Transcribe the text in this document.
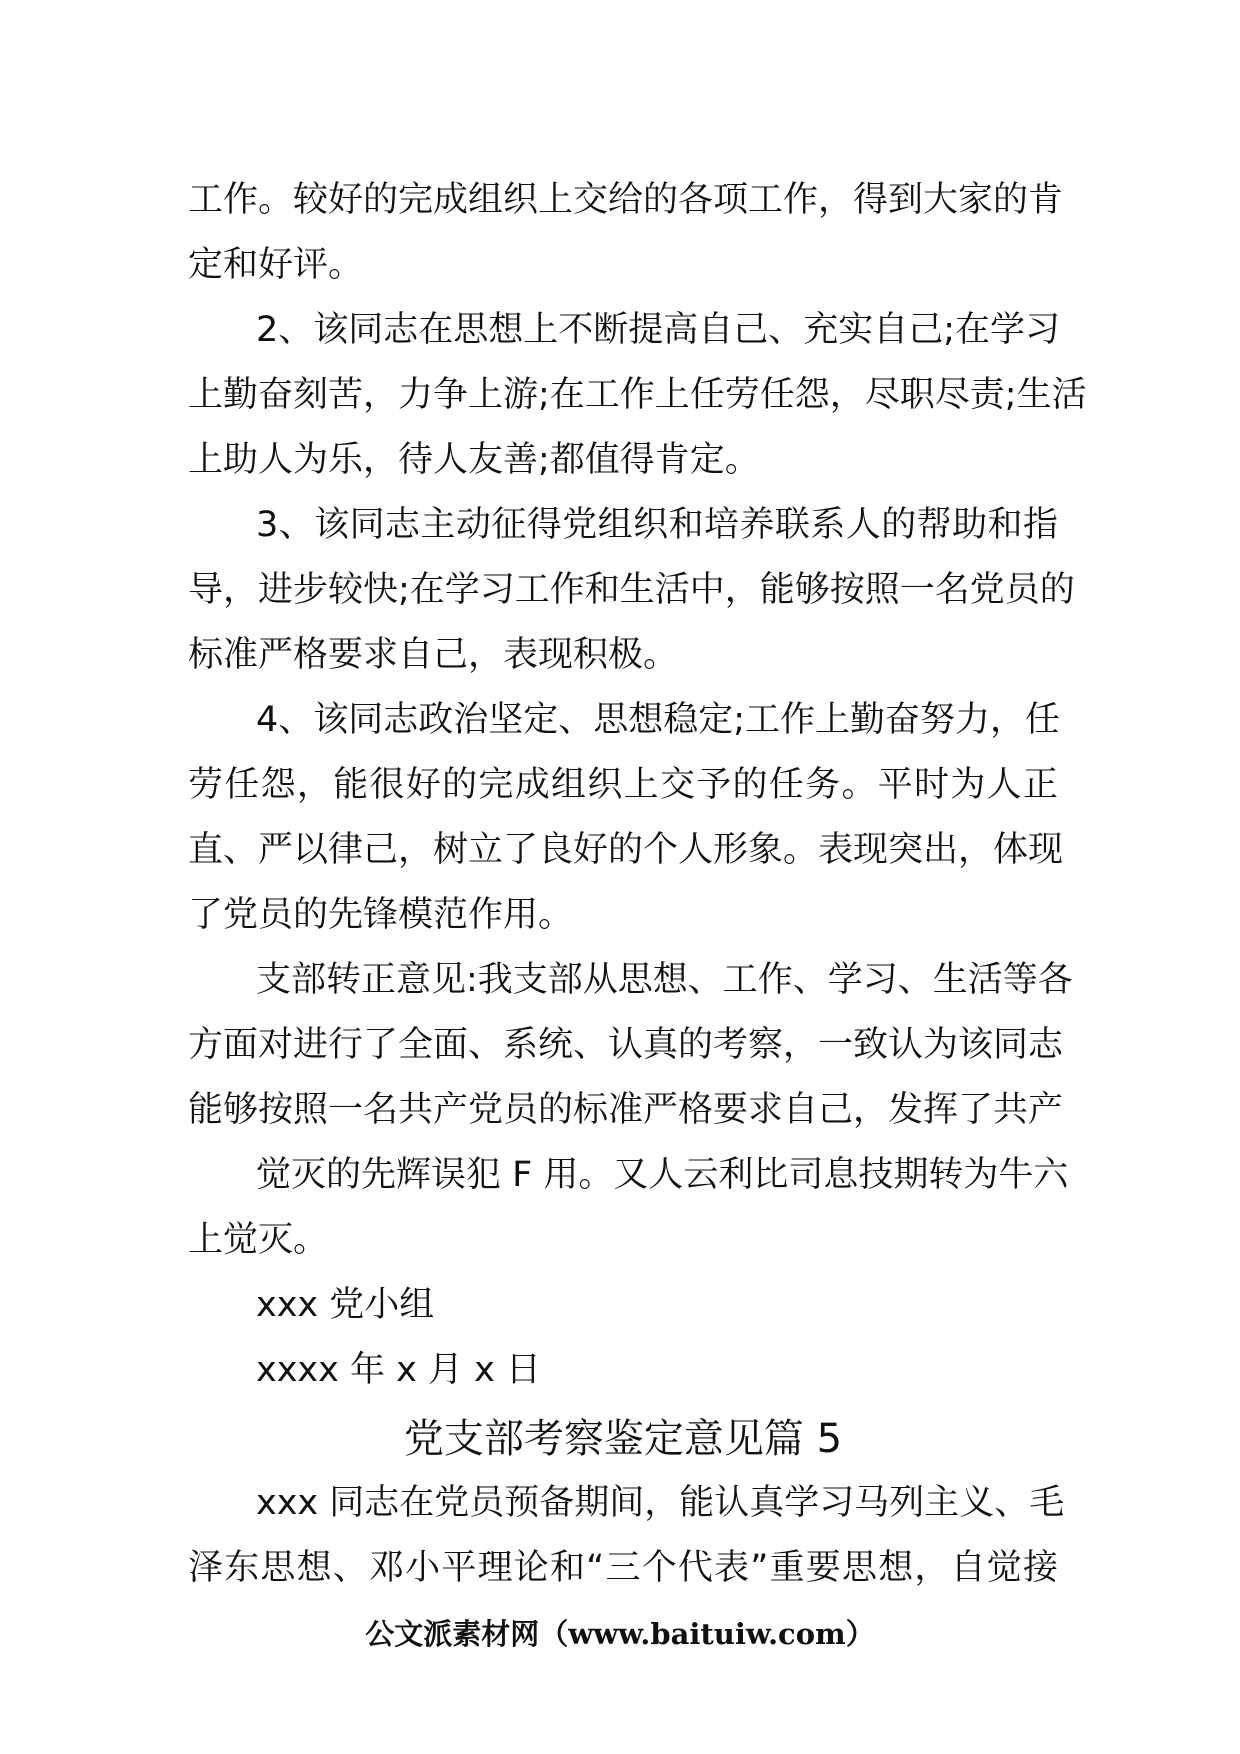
工作。较好的完成组织上交给的各项工作，得到大家的肯
定和好评。
2、该同志在思想上不断提高自己、充实自己;在学习
上勤奋刻苦，力争上游;在工作上任劳任怨，尽职尽责;生活
上助人为乐，待人友善;都值得肯定。
3、该同志主动征得党组织和培养联系人的帮助和指
导，进步较快;在学习工作和生活中，能够按照一名党员的
标准严格要求自己，表现积极。
4、该同志政治坚定、思想稳定;工作上勤奋努力，任
劳任怨，能很好的完成组织上交予的任务。平时为人正
直、严以律己，树立了良好的个人形象。表现突出，体现
了党员的先锋模范作用。
支部转正意见:我支部从思想、工作、学习、生活等各
方面对进行了全面、系统、认真的考察，一致认为该同志
能够按照一名共产党员的标准严格要求自己，发挥了共产
觉灭的先辉误犯 F 用。又人云利比司息技期转为牛六
上觉灭。
xxx 党小组
xxxx 年 x 月 x 日
党支部考察鉴定意见篇 5
xxx 同志在党员预备期间，能认真学习马列主义、毛
泽东思想、邓小平理论和“三个代表”重要思想，自觉接
公文派素材网（www.baituiw.com）
